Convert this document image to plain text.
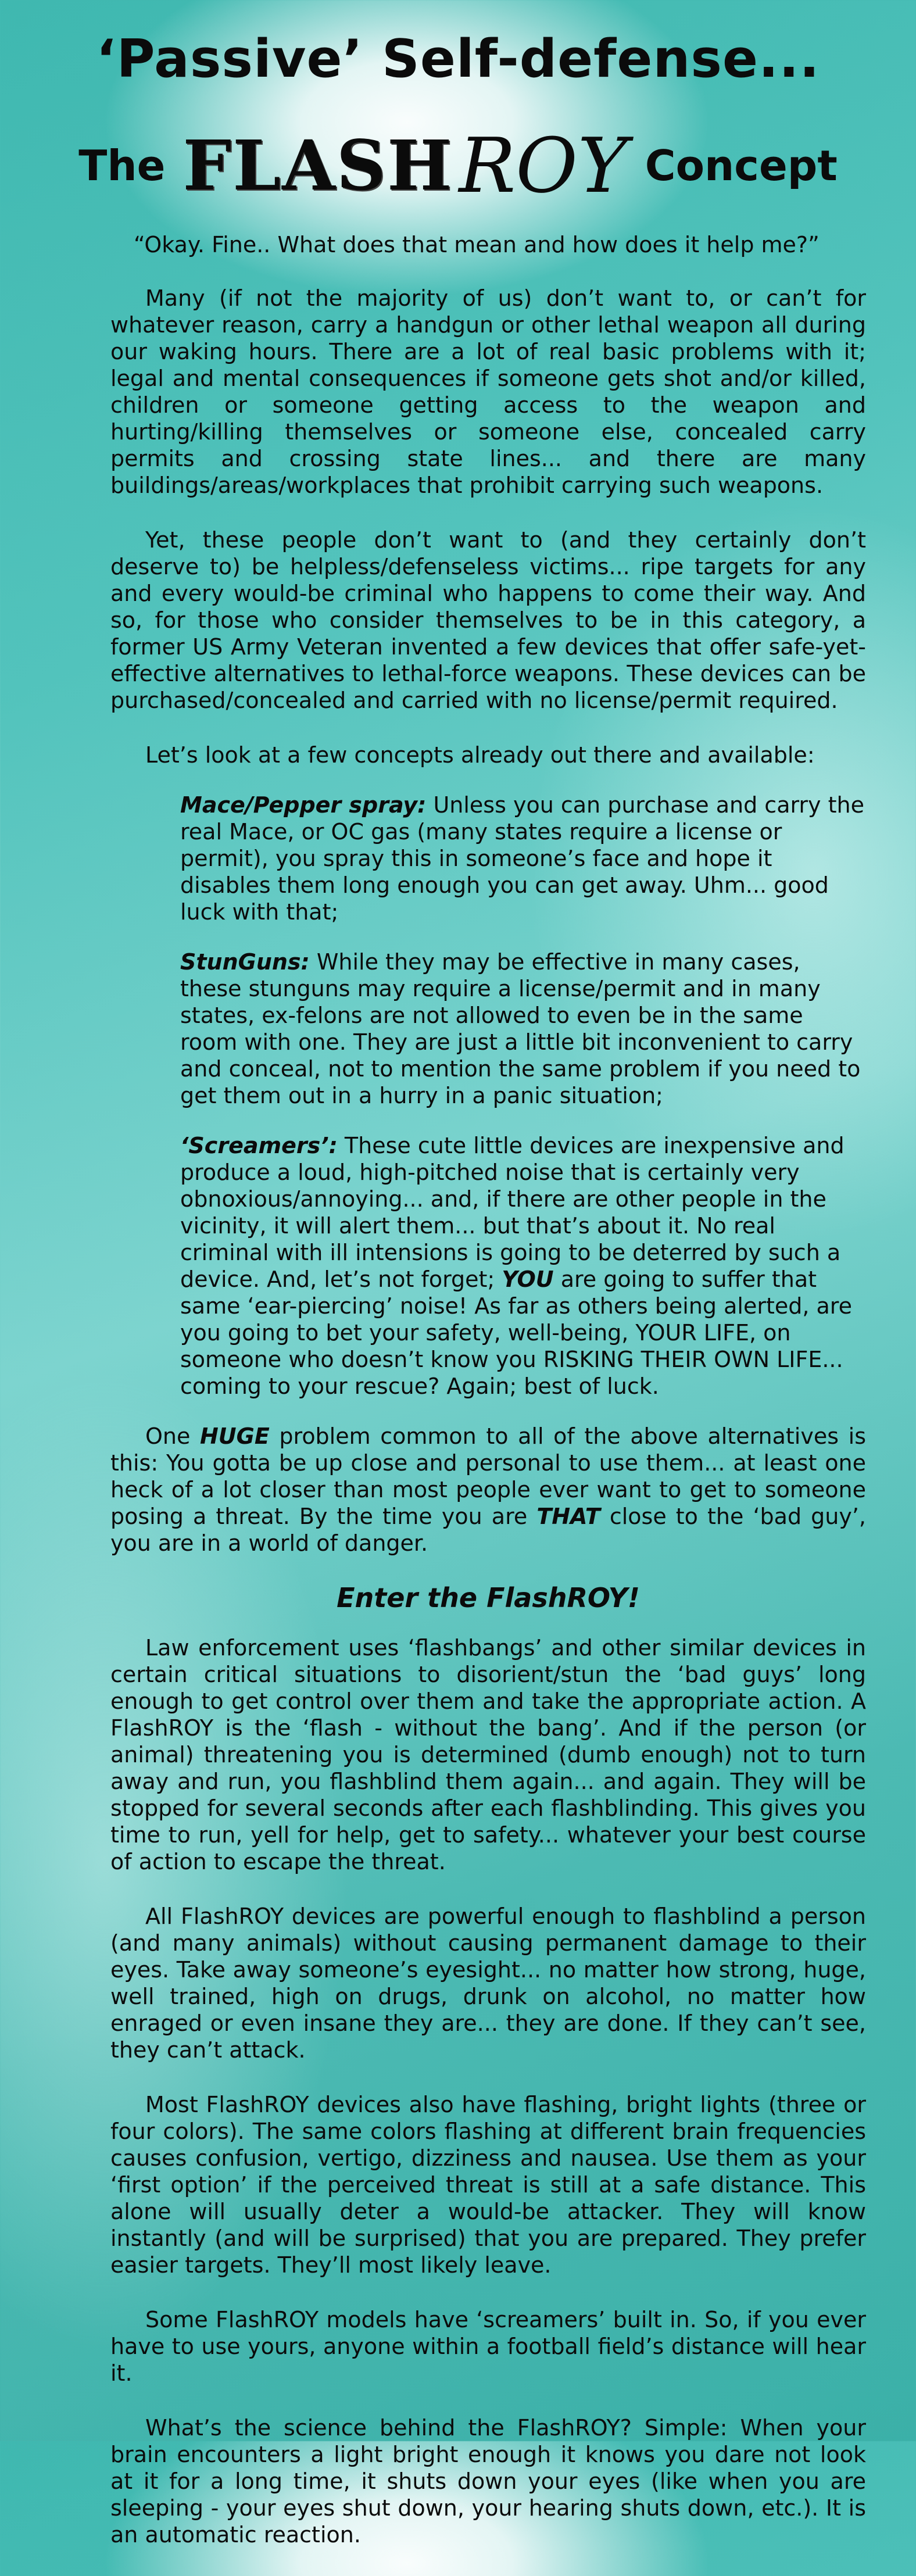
‘Passive’ Self-defense...
The FLASHROY Concept

“Okay. Fine.. What does that mean and how does it help me?”

Many (if not the majority of us) don’t want to, or can’t for whatever reason, carry a handgun or other lethal weapon all during our waking hours. There are a lot of real basic problems with it; legal and mental consequences if someone gets shot and/or killed, children or someone getting access to the weapon and hurting/killing themselves or someone else, concealed carry permits and crossing state lines... and there are many buildings/areas/workplaces that prohibit carrying such weapons.

Yet, these people don’t want to (and they certainly don’t deserve to) be helpless/defenseless victims... ripe targets for any and every would-be criminal who happens to come their way. And so, for those who consider themselves to be in this category, a former US Army Veteran invented a few devices that offer safe-yet-effective alternatives to lethal-force weapons. These devices can be purchased/concealed and carried with no license/permit required.

Let’s look at a few concepts already out there and available:

Mace/Pepper spray: Unless you can purchase and carry the real Mace, or OC gas (many states require a license or permit), you spray this in someone’s face and hope it disables them long enough you can get away. Uhm... good luck with that;
StunGuns: While they may be effective in many cases, these stunguns may require a license/permit and in many states, ex-felons are not allowed to even be in the same room with one. They are just a little bit inconvenient to carry and conceal, not to mention the same problem if you need to get them out in a hurry in a panic situation;
‘Screamers’: These cute little devices are inexpensive and produce a loud, high-pitched noise that is certainly very obnoxious/annoying... and, if there are other people in the vicinity, it will alert them... but that’s about it. No real criminal with ill intensions is going to be deterred by such a device. And, let’s not forget; YOU are going to suffer that same ‘ear-piercing’ noise! As far as others being alerted, are you going to bet your safety, well-being, YOUR LIFE, on someone who doesn’t know you RISKING THEIR OWN LIFE... coming to your rescue? Again; best of luck.

One HUGE problem common to all of the above alternatives is this: You gotta be up close and personal to use them... at least one heck of a lot closer than most people ever want to get to someone posing a threat. By the time you are THAT close to the ‘bad guy’, you are in a world of danger.

Enter the FlashROY!

Law enforcement uses ‘flashbangs’ and other similar devices in certain critical situations to disorient/stun the ‘bad guys’ long enough to get control over them and take the appropriate action. A FlashROY is the ‘flash - without the bang’. And if the person (or animal) threatening you is determined (dumb enough) not to turn away and run, you flashblind them again... and again. They will be stopped for several seconds after each flashblinding. This gives you time to run, yell for help, get to safety... whatever your best course of action to escape the threat.

All FlashROY devices are powerful enough to flashblind a person (and many animals) without causing permanent damage to their eyes. Take away someone’s eyesight... no matter how strong, huge, well trained, high on drugs, drunk on alcohol, no matter how enraged or even insane they are... they are done. If they can’t see, they can’t attack.

Most FlashROY devices also have flashing, bright lights (three or four colors). The same colors flashing at different brain frequencies causes confusion, vertigo, dizziness and nausea. Use them as your ‘first option’ if the perceived threat is still at a safe distance. This alone will usually deter a would-be attacker. They will know instantly (and will be surprised) that you are prepared. They prefer easier targets. They’ll most likely leave.

Some FlashROY models have ‘screamers’ built in. So, if you ever have to use yours, anyone within a football field’s distance will hear it.

What’s the science behind the FlashROY? Simple: When your brain encounters a light bright enough it knows you dare not look at it for a long time, it shuts down your eyes (like when you are sleeping - your eyes shut down, your hearing shuts down, etc.). It is an automatic reaction.
